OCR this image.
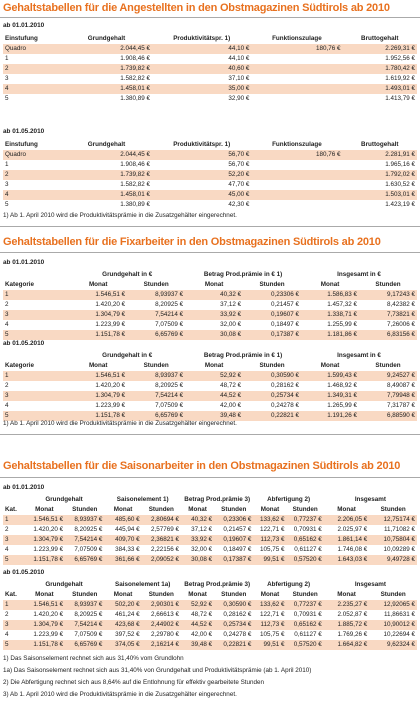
Gehaltstabellen für die Angestellten in den Obstmagazinen Südtirols ab 2010
ab 01.01.2010
Einstufung	Grundgehalt	Produktivitätspr. 1)	Funktionszulage	Bruttogehalt
Quadro	2.044,45 €	44,10 €	180,76 €	2.269,31 €
1	1.908,46 €	44,10 €		1.952,56 €
2	1.739,82 €	40,60 €		1.780,42 €
3	1.582,82 €	37,10 €		1.619,92 €
4	1.458,01 €	35,00 €		1.493,01 €
5	1.380,89 €	32,90 €		1.413,79 €
ab 01.05.2010
Einstufung	Grundgehalt	Produktivitätspr. 1)	Funktionszulage	Bruttogehalt
Quadro	2.044,45 €	56,70 €	180,76 €	2.281,91 €
1	1.908,46 €	56,70 €		1.965,16 €
2	1.739,82 €	52,20 €		1.792,02 €
3	1.582,82 €	47,70 €		1.630,52 €
4	1.458,01 €	45,00 €		1.503,01 €
5	1.380,89 €	42,30 €		1.423,19 €
1) Ab 1. April 2010 wird die Produktivitätsprämie in die Zusatzgehälter eingerechnet.
Gehaltstabellen für die Fixarbeiter in den Obstmagazinen Südtirols ab 2010
ab 01.01.2010
	Grundgehalt in €		Betrag Prod.prämie in € 1)		Insgesamt in €	
Kategorie	Monat	Stunden	Monat	Stunden	Monat	Stunden
1	1.546,51 €	8,93937 €	40,32 €	0,23306 €	1.586,83 €	9,17243 €
2	1.420,20 €	8,20925 €	37,12 €	0,21457 €	1.457,32 €	8,42382 €
3	1.304,79 €	7,54214 €	33,92 €	0,19607 €	1.338,71 €	7,73821 €
4	1.223,99 €	7,07509 €	32,00 €	0,18497 €	1.255,99 €	7,26006 €
5	1.151,78 €	6,65769 €	30,08 €	0,17387 €	1.181,86 €	6,83156 €
ab 01.05.2010
	Grundgehalt in €		Betrag Prod.prämie in € 1)		Insgesamt in €	
Kategorie	Monat	Stunden	Monat	Stunden	Monat	Stunden
1	1.546,51 €	8,93937 €	52,92 €	0,30590 €	1.599,43 €	9,24527 €
2	1.420,20 €	8,20925 €	48,72 €	0,28162 €	1.468,92 €	8,49087 €
3	1.304,79 €	7,54214 €	44,52 €	0,25734 €	1.349,31 €	7,79948 €
4	1.223,99 €	7,07509 €	42,00 €	0,24278 €	1.265,99 €	7,31787 €
5	1.151,78 €	6,65769 €	39,48 €	0,22821 €	1.191,26 €	6,88590 €
1) Ab 1. April 2010 wird die Produktivitätsprämie in die Zusatzgehälter eingerechnet.
Gehaltstabellen für die Saisonarbeiter in den Obstmagazinen Südtirols ab 2010
ab 01.01.2010
	Grundgehalt		Saisonelement 1)		Betrag Prod.prämie 3)		Abfertigung 2)		Insgesamt	
Kat.	Monat	Stunden	Monat	Stunden	Monat	Stunden	Monat	Stunden	Monat	Stunden
1	1.546,51 €	8,93937 €	485,60 €	2,80694 €	40,32 €	0,23306 €	133,62 €	0,77237 €	2.206,05 €	12,75174 €
2	1.420,20 €	8,20925 €	445,94 €	2,57769 €	37,12 €	0,21457 €	122,71 €	0,70931 €	2.025,97 €	11,71082 €
3	1.304,79 €	7,54214 €	409,70 €	2,36821 €	33,92 €	0,19607 €	112,73 €	0,65162 €	1.861,14 €	10,75804 €
4	1.223,99 €	7,07509 €	384,33 €	2,22156 €	32,00 €	0,18497 €	105,75 €	0,61127 €	1.746,08 €	10,09289 €
5	1.151,78 €	6,65769 €	361,66 €	2,09052 €	30,08 €	0,17387 €	99,51 €	0,57520 €	1.643,03 €	9,49728 €
ab 01.05.2010
	Grundgehalt		Saisonelement 1a)		Betrag Prod.prämie 3)		Abfertigung 2)		Insgesamt	
Kat.	Monat	Stunden	Monat	Stunden	Monat	Stunden	Monat	Stunden	Monat	Stunden
1	1.546,51 €	8,93937 €	502,20 €	2,90301 €	52,92 €	0,30590 €	133,62 €	0,77237 €	2.235,27 €	12,92065 €
2	1.420,20 €	8,20925 €	461,24 €	2,66613 €	48,72 €	0,28162 €	122,71 €	0,70931 €	2.052,87 €	11,86631 €
3	1.304,79 €	7,54214 €	423,68 €	2,44902 €	44,52 €	0,25734 €	112,73 €	0,65162 €	1.885,72 €	10,90012 €
4	1.223,99 €	7,07509 €	397,52 €	2,29780 €	42,00 €	0,24278 €	105,75 €	0,61127 €	1.769,26 €	10,22694 €
5	1.151,78 €	6,65769 €	374,05 €	2,16214 €	39,48 €	0,22821 €	99,51 €	0,57520 €	1.664,82 €	9,62324 €
1) Das Saisonselement rechnet sich aus 31,40% vom Grundlohn
1a) Das Saisonselement rechnet sich aus 31,40% von Grundgehalt und Produktivitätsprämie (ab 1. April 2010)
2) Die Abfertigung rechnet sich aus 8,64% auf die Entlohnung für effektiv gearbeitete Stunden
3) Ab 1. April 2010 wird die Produktivitätsprämie in die Zusatzgehälter eingerechnet.
